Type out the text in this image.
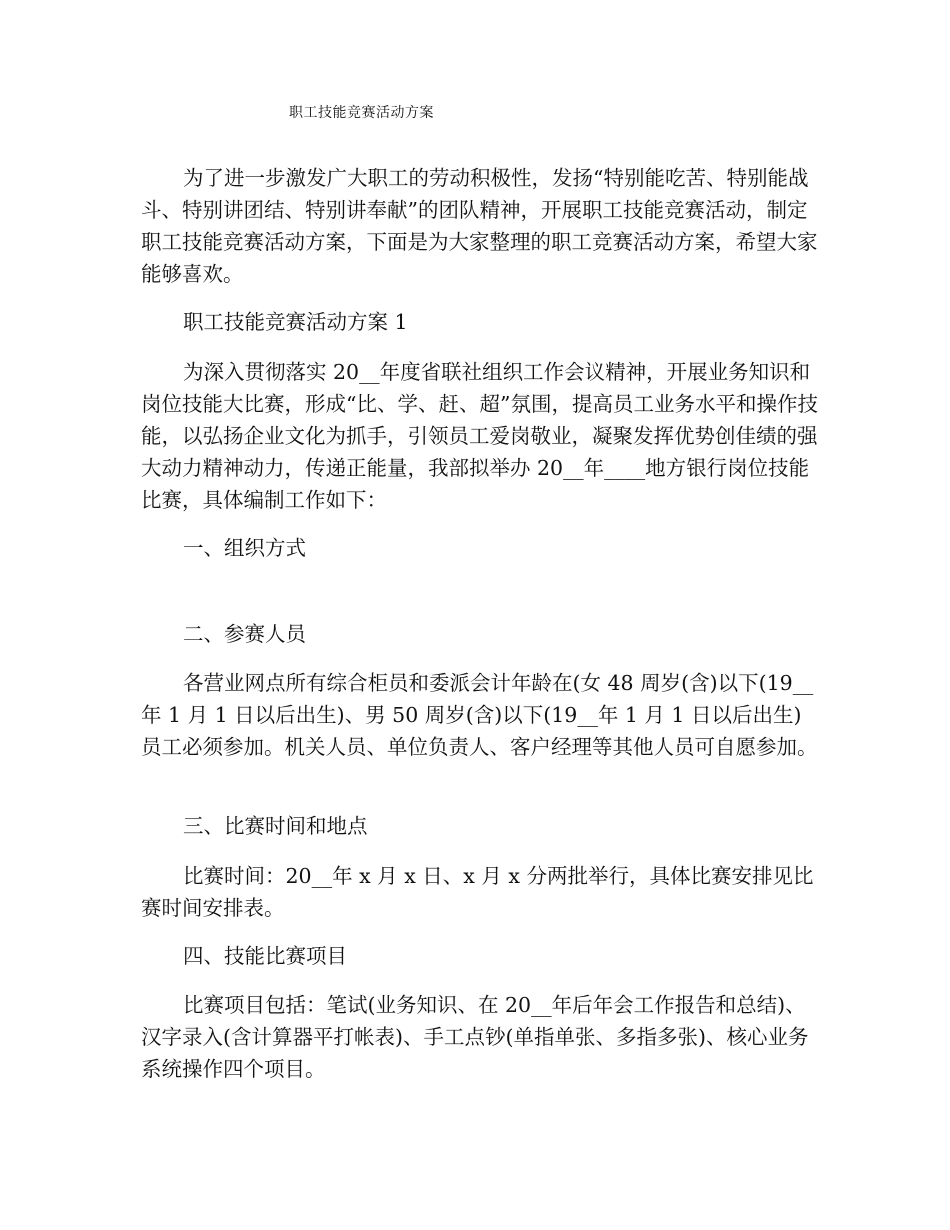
职工技能竞赛活动方案

为了进一步激发广大职工的劳动积极性，发扬“特别能吃苦、特别能战斗、特别讲团结、特别讲奉献”的团队精神，开展职工技能竞赛活动，制定职工技能竞赛活动方案，下面是为大家整理的职工竞赛活动方案，希望大家能够喜欢。

职工技能竞赛活动方案 1

为深入贯彻落实 20__年度省联社组织工作会议精神，开展业务知识和岗位技能大比赛，形成“比、学、赶、超”氛围，提高员工业务水平和操作技能，以弘扬企业文化为抓手，引领员工爱岗敬业，凝聚发挥优势创佳绩的强大动力精神动力，传递正能量，我部拟举办 20__年____地方银行岗位技能比赛，具体编制工作如下：

一、组织方式

二、参赛人员

各营业网点所有综合柜员和委派会计年龄在(女 48 周岁(含)以下(19__年 1 月 1 日以后出生)、男 50 周岁(含)以下(19__年 1 月 1 日以后出生)员工必须参加。机关人员、单位负责人、客户经理等其他人员可自愿参加。

三、比赛时间和地点

比赛时间：20__年 x 月 x 日、x 月 x 分两批举行，具体比赛安排见比赛时间安排表。

四、技能比赛项目

比赛项目包括：笔试(业务知识、在 20__年后年会工作报告和总结)、汉字录入(含计算器平打帐表)、手工点钞(单指单张、多指多张)、核心业务系统操作四个项目。
